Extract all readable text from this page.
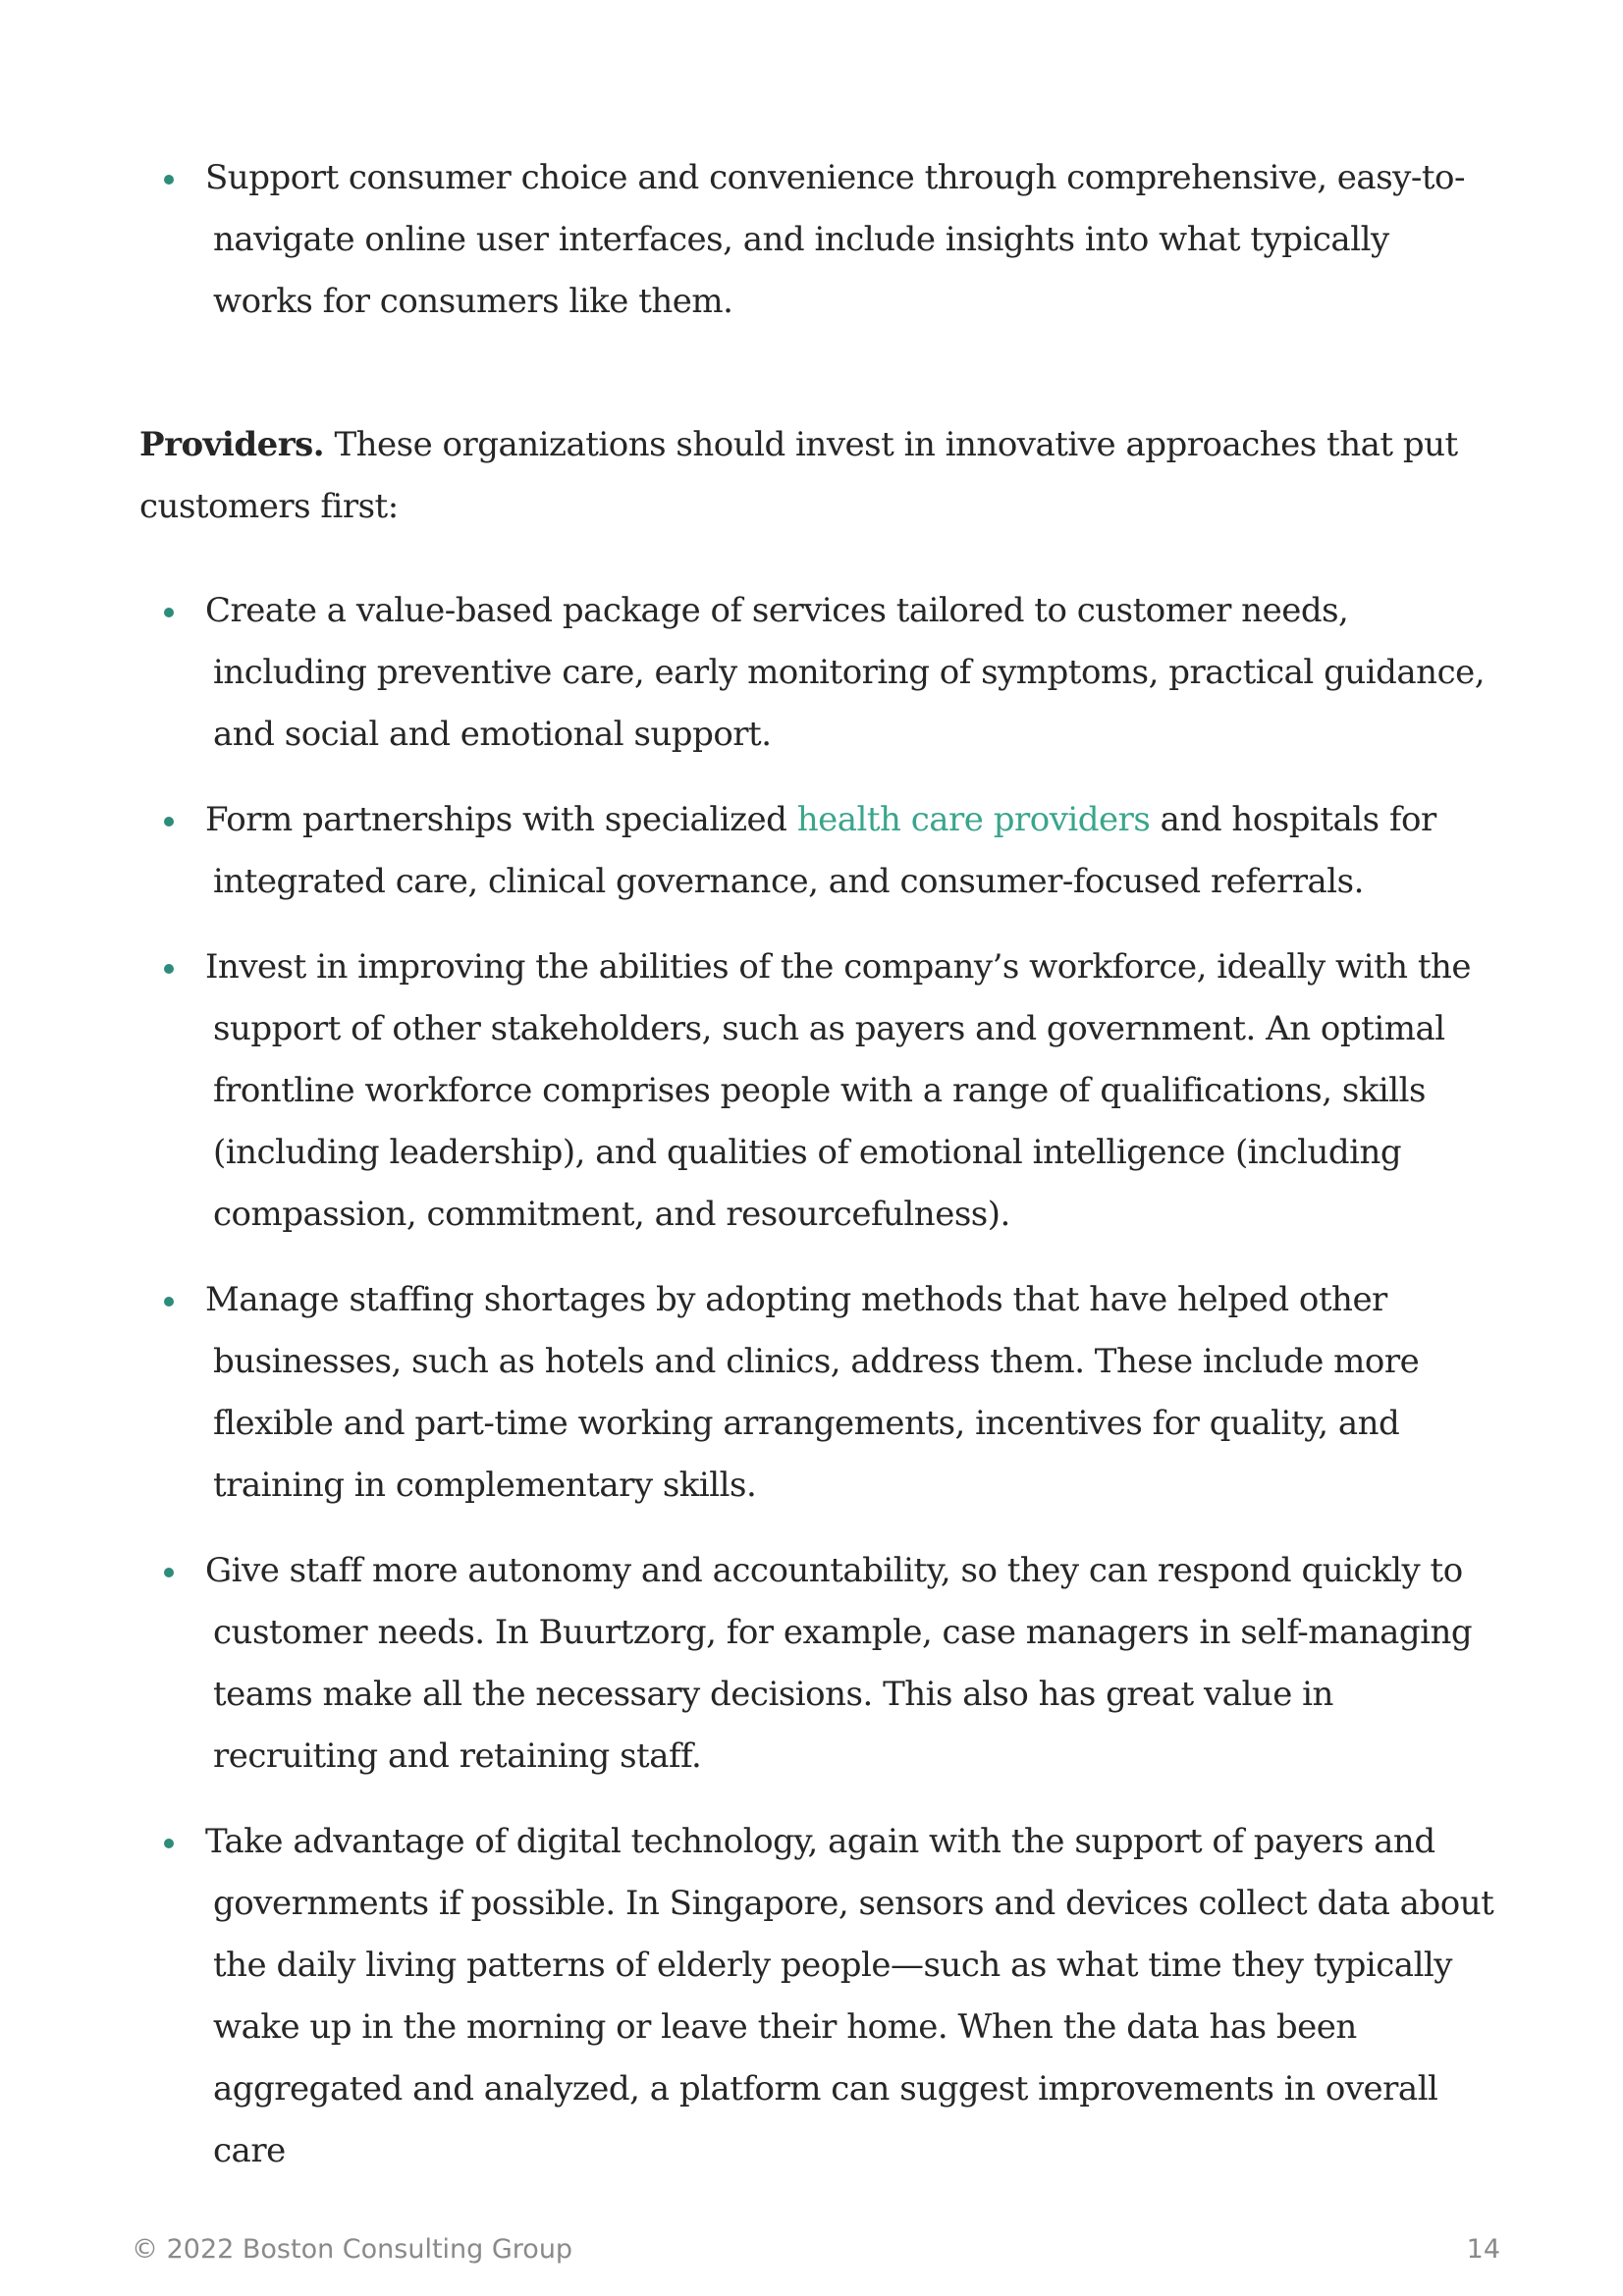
Support consumer choice and convenience through comprehensive, easy-to-navigate online user interfaces, and include insights into what typically works for consumers like them.

Providers. These organizations should invest in innovative approaches that put customers first:

Create a value-based package of services tailored to customer needs, including preventive care, early monitoring of symptoms, practical guidance, and social and emotional support.
Form partnerships with specialized health care providers and hospitals for integrated care, clinical governance, and consumer-focused referrals.
Invest in improving the abilities of the company’s workforce, ideally with the support of other stakeholders, such as payers and government. An optimal frontline workforce comprises people with a range of qualifications, skills (including leadership), and qualities of emotional intelligence (including compassion, commitment, and resourcefulness).
Manage staffing shortages by adopting methods that have helped other businesses, such as hotels and clinics, address them. These include more flexible and part-time working arrangements, incentives for quality, and training in complementary skills.
Give staff more autonomy and accountability, so they can respond quickly to customer needs. In Buurtzorg, for example, case managers in self-managing teams make all the necessary decisions. This also has great value in recruiting and retaining staff.
Take advantage of digital technology, again with the support of payers and governments if possible. In Singapore, sensors and devices collect data about the daily living patterns of elderly people—such as what time they typically wake up in the morning or leave their home. When the data has been aggregated and analyzed, a platform can suggest improvements in overall care
© 2022 Boston Consulting Group	14
